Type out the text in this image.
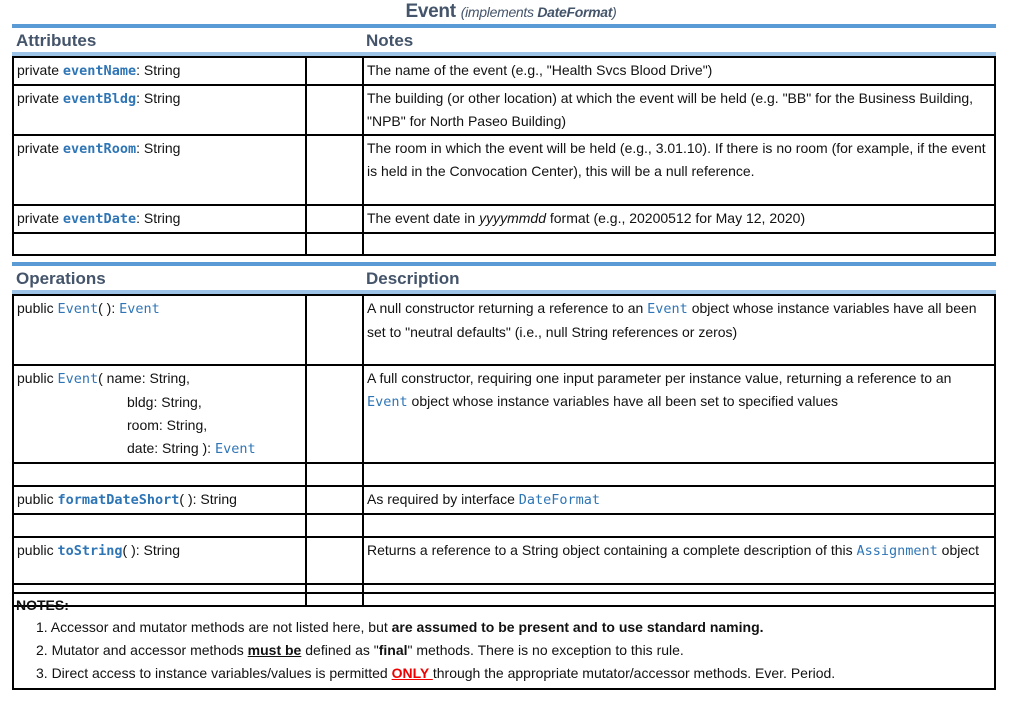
Event (implements DateFormat)
Attributes	Notes
private eventName: String		The name of the event (e.g., "Health Svcs Blood Drive")
private eventBldg: String		The building (or other location) at which the event will be held (e.g. "BB" for the Business Building, "NPB" for North Paseo Building)
private eventRoom: String		The room in which the event will be held (e.g., 3.01.10). If there is no room (for example, if the event is held in the Convocation Center), this will be a null reference.
private eventDate: String		The event date in yyyymmdd format (e.g., 20200512 for May 12, 2020)

Operations	Description
public Event( ): Event		A null constructor returning a reference to an Event object whose instance variables have all been set to "neutral defaults" (i.e., null String references or zeros)
public Event( name: String,
bldg: String,
room: String,
date: String ): Event		A full constructor, requiring one input parameter per instance value, returning a reference to an Event object whose instance variables have all been set to specified values

public formatDateShort( ): String		As required by interface DateFormat

public toString( ): String		Returns a reference to a String object containing a complete description of this Assignment object

NOTES:
1. Accessor and mutator methods are not listed here, but are assumed to be present and to use standard naming.
2. Mutator and accessor methods must be defined as "final" methods. There is no exception to this rule.
3. Direct access to instance variables/values is permitted ONLY through the appropriate mutator/accessor methods. Ever. Period.
